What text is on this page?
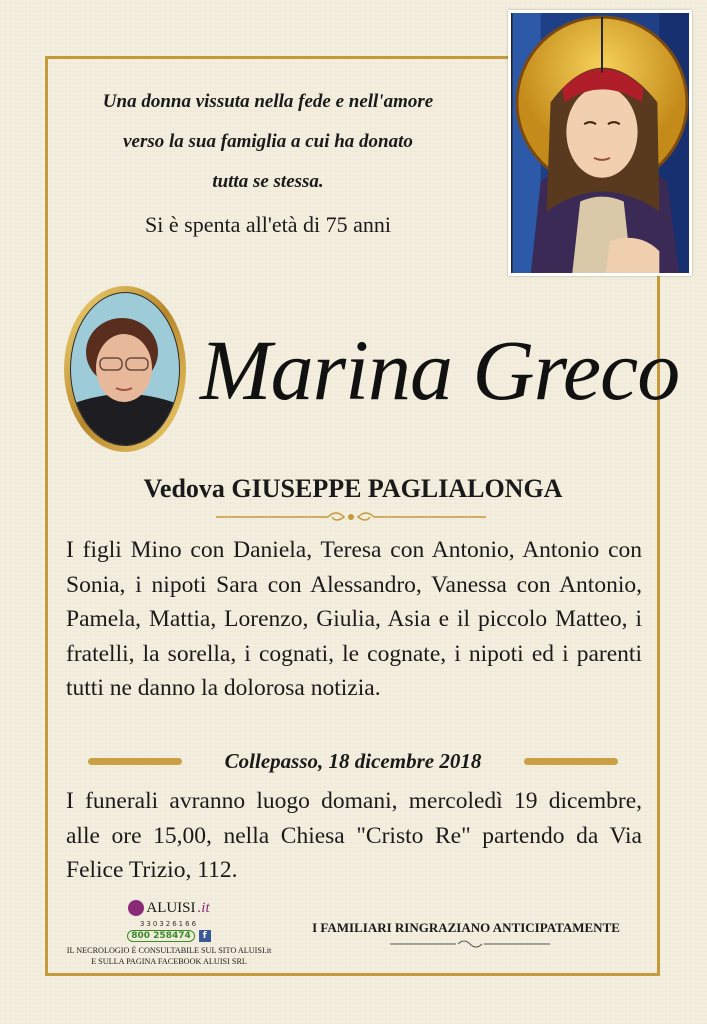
Una donna vissuta nella fede e nell'amore
verso la sua famiglia a cui ha donato
tutta se stessa.
Si è spenta all'età di 75 anni
Marina Greco
Vedova GIUSEPPE PAGLIALONGA
I figli Mino con Daniela, Teresa con Antonio, Antonio con Sonia, i nipoti Sara con Alessandro, Vanessa con Antonio, Pamela, Mattia, Lorenzo, Giulia, Asia e il piccolo Matteo, i fratelli, la sorella, i cognati, le cognate, i nipoti ed i parenti tutti ne danno la dolorosa notizia.
Collepasso, 18 dicembre 2018
I funerali avranno luogo domani, mercoledì 19 dicembre, alle ore 15,00, nella Chiesa "Cristo Re" partendo da Via Felice Trizio, 112.
ALUISI .it
330326166
800 258474	f
IL NECROLOGIO È CONSULTABILE SUL SITO ALUISI.it
E SULLA PAGINA FACEBOOK ALUISI SRL
I FAMILIARI RINGRAZIANO ANTICIPATAMENTE
